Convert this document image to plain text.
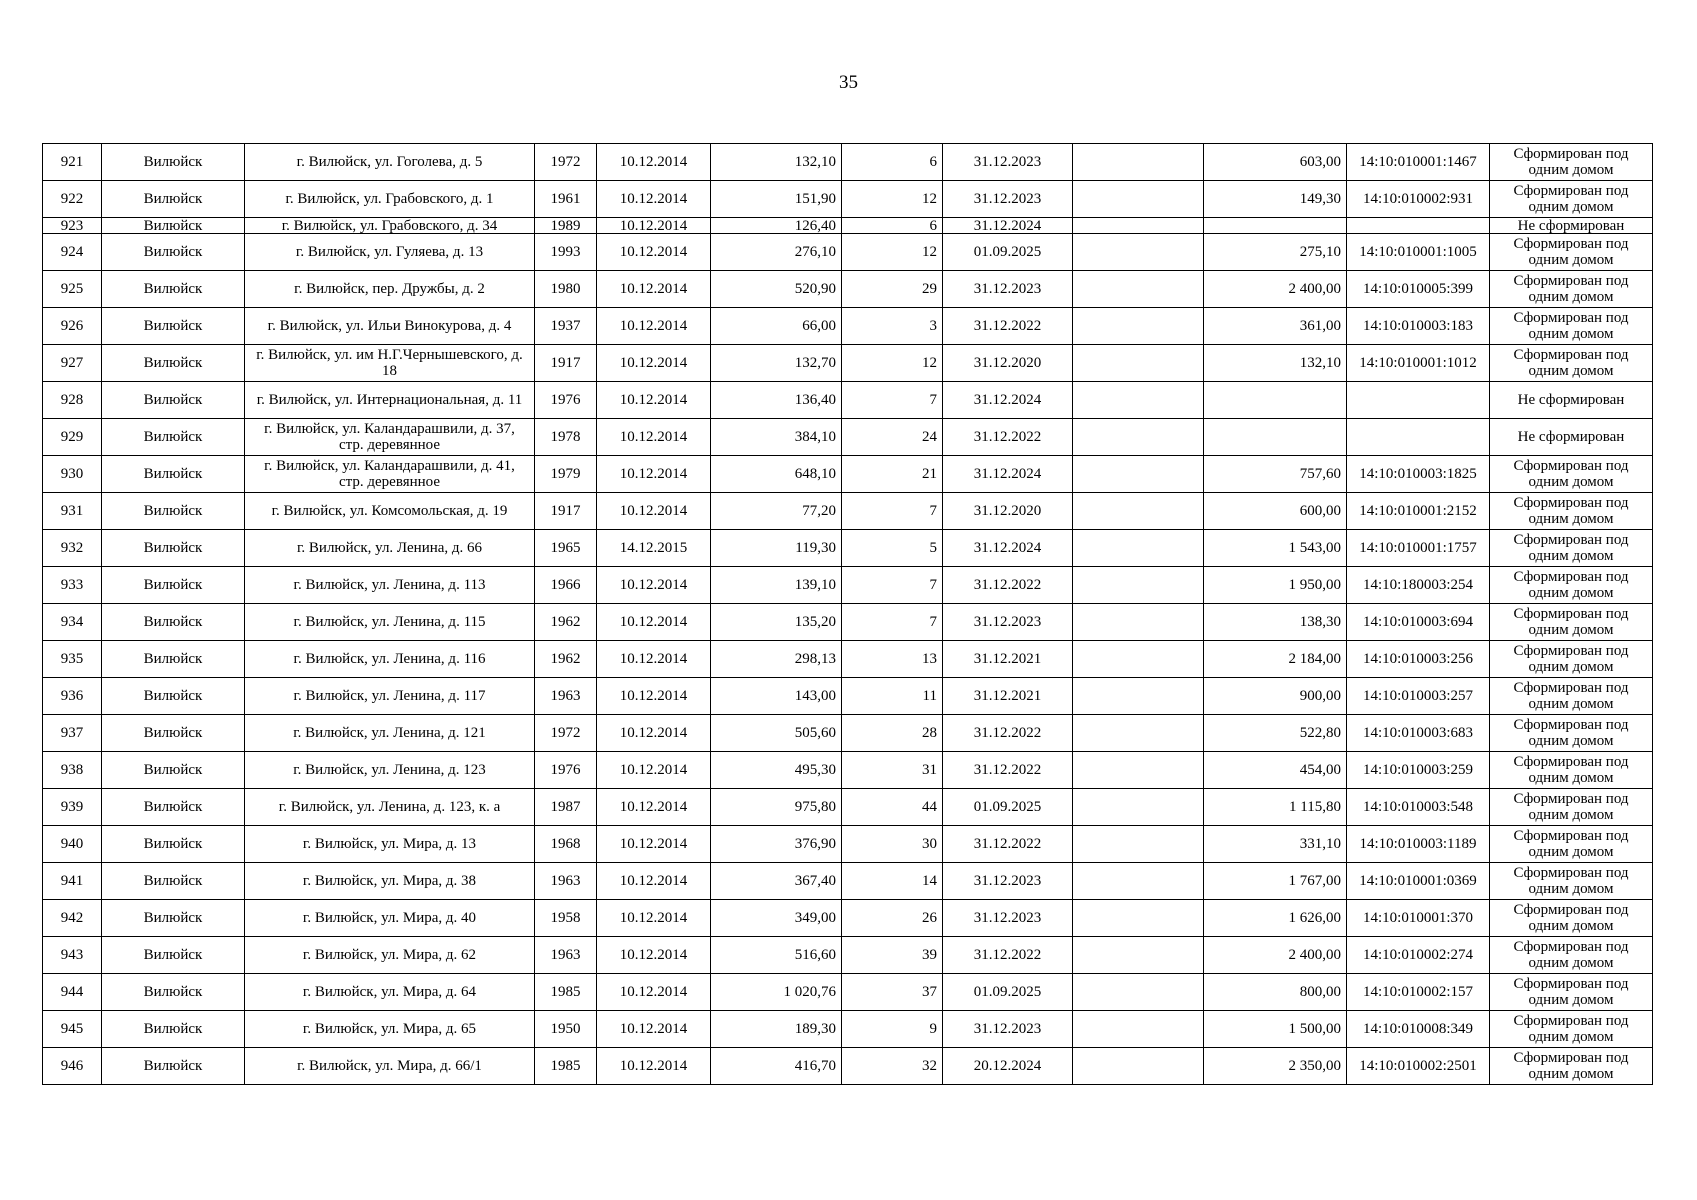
35
921	Вилюйск	г. Вилюйск, ул. Гоголева, д. 5	1972	10.12.2014	132,10	6	31.12.2023		603,00	14:10:010001:1467	Сформирован под одним домом
922	Вилюйск	г. Вилюйск, ул. Грабовского, д. 1	1961	10.12.2014	151,90	12	31.12.2023		149,30	14:10:010002:931	Сформирован под одним домом
923	Вилюйск	г. Вилюйск, ул. Грабовского, д. 34	1989	10.12.2014	126,40	6	31.12.2024				Не сформирован
924	Вилюйск	г. Вилюйск, ул. Гуляева, д. 13	1993	10.12.2014	276,10	12	01.09.2025		275,10	14:10:010001:1005	Сформирован под одним домом
925	Вилюйск	г. Вилюйск, пер. Дружбы, д. 2	1980	10.12.2014	520,90	29	31.12.2023		2 400,00	14:10:010005:399	Сформирован под одним домом
926	Вилюйск	г. Вилюйск, ул. Ильи Винокурова, д. 4	1937	10.12.2014	66,00	3	31.12.2022		361,00	14:10:010003:183	Сформирован под одним домом
927	Вилюйск	г. Вилюйск, ул. им Н.Г.Чернышевского, д. 18	1917	10.12.2014	132,70	12	31.12.2020		132,10	14:10:010001:1012	Сформирован под одним домом
928	Вилюйск	г. Вилюйск, ул. Интернациональная, д. 11	1976	10.12.2014	136,40	7	31.12.2024				Не сформирован
929	Вилюйск	г. Вилюйск, ул. Каландарашвили, д. 37, стр. деревянное	1978	10.12.2014	384,10	24	31.12.2022				Не сформирован
930	Вилюйск	г. Вилюйск, ул. Каландарашвили, д. 41, стр. деревянное	1979	10.12.2014	648,10	21	31.12.2024		757,60	14:10:010003:1825	Сформирован под одним домом
931	Вилюйск	г. Вилюйск, ул. Комсомольская, д. 19	1917	10.12.2014	77,20	7	31.12.2020		600,00	14:10:010001:2152	Сформирован под одним домом
932	Вилюйск	г. Вилюйск, ул. Ленина, д. 66	1965	14.12.2015	119,30	5	31.12.2024		1 543,00	14:10:010001:1757	Сформирован под одним домом
933	Вилюйск	г. Вилюйск, ул. Ленина, д. 113	1966	10.12.2014	139,10	7	31.12.2022		1 950,00	14:10:180003:254	Сформирован под одним домом
934	Вилюйск	г. Вилюйск, ул. Ленина, д. 115	1962	10.12.2014	135,20	7	31.12.2023		138,30	14:10:010003:694	Сформирован под одним домом
935	Вилюйск	г. Вилюйск, ул. Ленина, д. 116	1962	10.12.2014	298,13	13	31.12.2021		2 184,00	14:10:010003:256	Сформирован под одним домом
936	Вилюйск	г. Вилюйск, ул. Ленина, д. 117	1963	10.12.2014	143,00	11	31.12.2021		900,00	14:10:010003:257	Сформирован под одним домом
937	Вилюйск	г. Вилюйск, ул. Ленина, д. 121	1972	10.12.2014	505,60	28	31.12.2022		522,80	14:10:010003:683	Сформирован под одним домом
938	Вилюйск	г. Вилюйск, ул. Ленина, д. 123	1976	10.12.2014	495,30	31	31.12.2022		454,00	14:10:010003:259	Сформирован под одним домом
939	Вилюйск	г. Вилюйск, ул. Ленина, д. 123, к. а	1987	10.12.2014	975,80	44	01.09.2025		1 115,80	14:10:010003:548	Сформирован под одним домом
940	Вилюйск	г. Вилюйск, ул. Мира, д. 13	1968	10.12.2014	376,90	30	31.12.2022		331,10	14:10:010003:1189	Сформирован под одним домом
941	Вилюйск	г. Вилюйск, ул. Мира, д. 38	1963	10.12.2014	367,40	14	31.12.2023		1 767,00	14:10:010001:0369	Сформирован под одним домом
942	Вилюйск	г. Вилюйск, ул. Мира, д. 40	1958	10.12.2014	349,00	26	31.12.2023		1 626,00	14:10:010001:370	Сформирован под одним домом
943	Вилюйск	г. Вилюйск, ул. Мира, д. 62	1963	10.12.2014	516,60	39	31.12.2022		2 400,00	14:10:010002:274	Сформирован под одним домом
944	Вилюйск	г. Вилюйск, ул. Мира, д. 64	1985	10.12.2014	1 020,76	37	01.09.2025		800,00	14:10:010002:157	Сформирован под одним домом
945	Вилюйск	г. Вилюйск, ул. Мира, д. 65	1950	10.12.2014	189,30	9	31.12.2023		1 500,00	14:10:010008:349	Сформирован под одним домом
946	Вилюйск	г. Вилюйск, ул. Мира, д. 66/1	1985	10.12.2014	416,70	32	20.12.2024		2 350,00	14:10:010002:2501	Сформирован под одним домом
